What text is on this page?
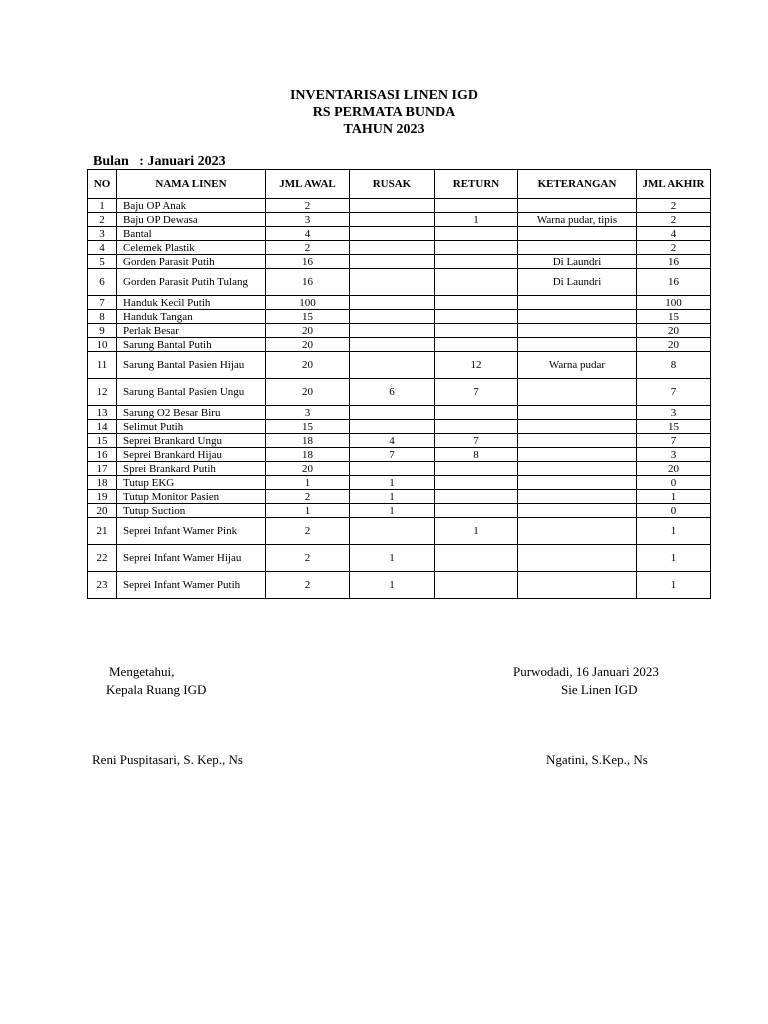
INVENTARISASI LINEN IGD
RS PERMATA BUNDA
TAHUN 2023
Bulan   : Januari 2023
NO	NAMA LINEN	JML AWAL	RUSAK	RETURN	KETERANGAN	JML AKHIR
1	Baju OP Anak	2				2
2	Baju OP Dewasa	3		1	Warna pudar, tipis	2
3	Bantal	4				4
4	Celemek Plastik	2				2
5	Gorden Parasit Putih	16			Di Laundri	16
6	Gorden Parasit Putih Tulang	16			Di Laundri	16
7	Handuk Kecil Putih	100				100
8	Handuk Tangan	15				15
9	Perlak Besar	20				20
10	Sarung Bantal Putih	20				20
11	Sarung Bantal Pasien Hijau	20		12	Warna pudar	8
12	Sarung Bantal Pasien Ungu	20	6	7		7
13	Sarung O2 Besar Biru	3				3
14	Selimut Putih	15				15
15	Seprei Brankard Ungu	18	4	7		7
16	Seprei Brankard Hijau	18	7	8		3
17	Sprei Brankard Putih	20				20
18	Tutup EKG	1	1			0
19	Tutup Monitor Pasien	2	1			1
20	Tutup Suction	1	1			0
21	Seprei Infant Wamer Pink	2		1		1
22	Seprei Infant Wamer Hijau	2	1			1
23	Seprei Infant Wamer Putih	2	1			1
Mengetahui,
Kepala Ruang IGD
Reni Puspitasari, S. Kep., Ns
Purwodadi, 16 Januari 2023
Sie Linen IGD
Ngatini, S.Kep., Ns
